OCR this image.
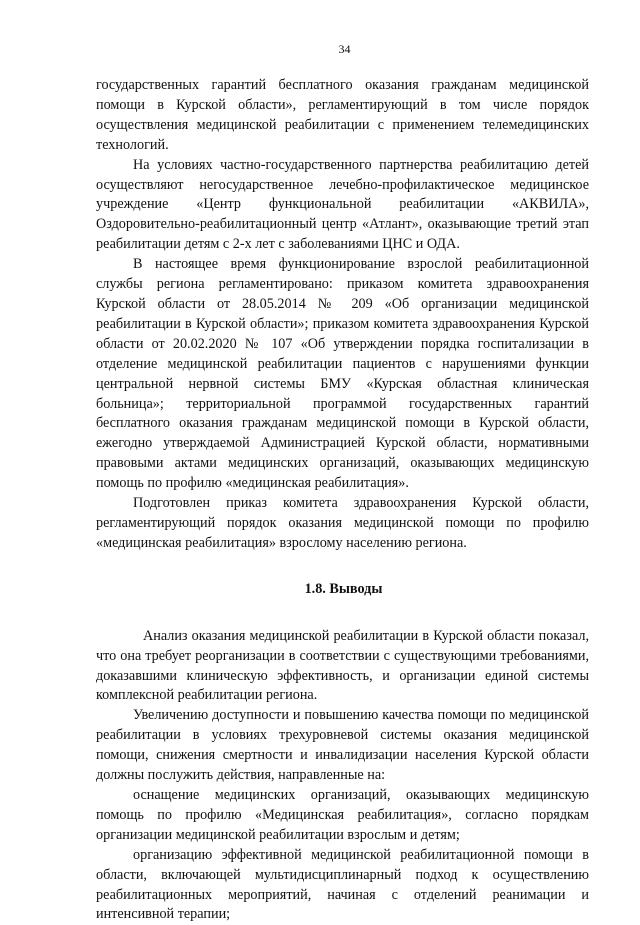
34

государственных гарантий бесплатного оказания гражданам медицинской помощи в Курской области», регламентирующий в том числе порядок осуществления медицинской реабилитации с применением телемедицинских технологий.

На условиях частно-государственного партнерства реабилитацию детей осуществляют негосударственное лечебно-профилактическое медицинское учреждение «Центр функциональной реабилитации «АКВИЛА», Оздоровительно-реабилитационный центр «Атлант», оказывающие третий этап реабилитации детям с 2-х лет с заболеваниями ЦНС и ОДА.

В настоящее время функционирование взрослой реабилитационной службы региона регламентировано: приказом комитета здравоохранения Курской области от 28.05.2014 № 209 «Об организации медицинской реабилитации в Курской области»; приказом комитета здравоохранения Курской области от 20.02.2020 № 107 «Об утверждении порядка госпитализации в отделение медицинской реабилитации пациентов с нарушениями функции центральной нервной системы БМУ «Курская областная клиническая больница»; территориальной программой государственных гарантий бесплатного оказания гражданам медицинской помощи в Курской области, ежегодно утверждаемой Администрацией Курской области, нормативными правовыми актами медицинских организаций, оказывающих медицинскую помощь по профилю «медицинская реабилитация».

Подготовлен приказ комитета здравоохранения Курской области, регламентирующий порядок оказания медицинской помощи по профилю «медицинская реабилитация» взрослому населению региона.

1.8. Выводы

Анализ оказания медицинской реабилитации в Курской области показал, что она требует реорганизации в соответствии с существующими требованиями, доказавшими клиническую эффективность, и организации единой системы комплексной реабилитации региона.

Увеличению доступности и повышению качества помощи по медицинской реабилитации в условиях трехуровневой системы оказания медицинской помощи, снижения смертности и инвалидизации населения Курской области должны послужить действия, направленные на:

оснащение медицинских организаций, оказывающих медицинскую помощь по профилю «Медицинская реабилитация», согласно порядкам организации медицинской реабилитации взрослым и детям;

организацию эффективной медицинской реабилитационной помощи в области, включающей мультидисциплинарный подход к осуществлению реабилитационных мероприятий, начиная с отделений реанимации и интенсивной терапии;
